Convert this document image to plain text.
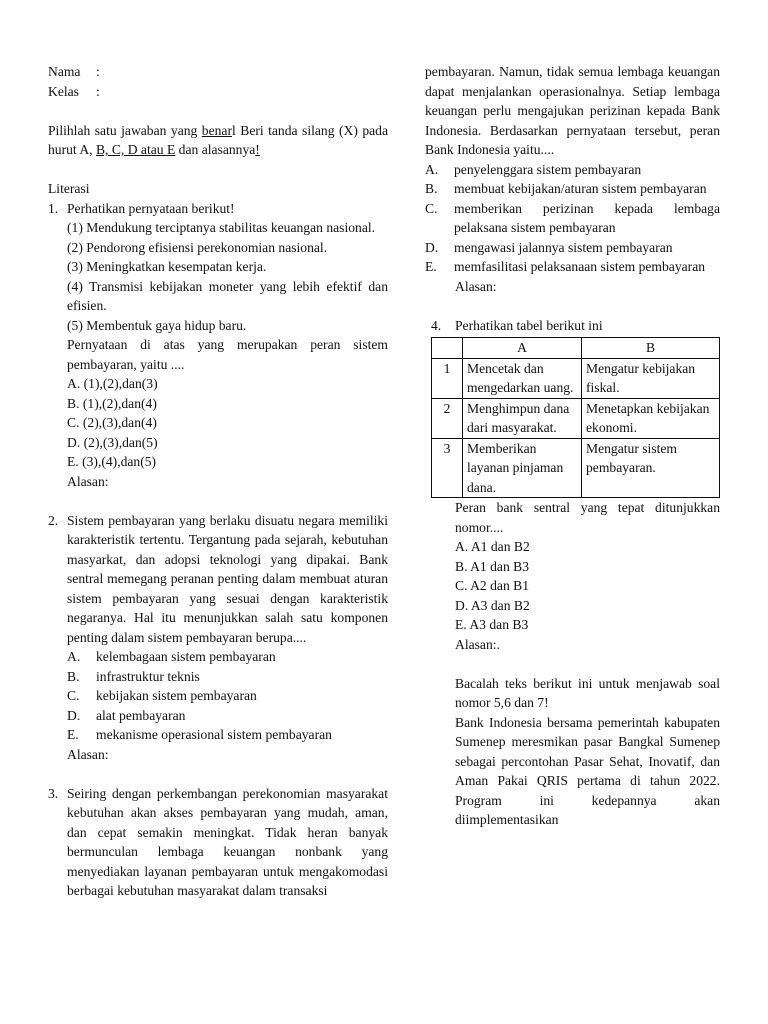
Nama	:
Kelas	:
Pilihlah satu jawaban yang benarl Beri tanda silang (X) pada hurut A, B, C, D atau E dan alasannya!
Literasi
1. Perhatikan pernyataan berikut!
(1) Mendukung terciptanya stabilitas keuangan nasional.
(2) Pendorong efisiensi perekonomian nasional.
(3) Meningkatkan kesempatan kerja.
(4) Transmisi kebijakan moneter yang lebih efektif dan efisien.
(5) Membentuk gaya hidup baru.
Pernyataan di atas yang merupakan peran sistem pembayaran, yaitu ....
A. (1),(2),dan(3)
B. (1),(2),dan(4)
C. (2),(3),dan(4)
D. (2),(3),dan(5)
E. (3),(4),dan(5)
Alasan:
2. Sistem pembayaran yang berlaku disuatu negara memiliki karakteristik tertentu. Tergantung pada sejarah, kebutuhan masyarkat, dan adopsi teknologi yang dipakai. Bank sentral memegang peranan penting dalam membuat aturan sistem pembayaran yang sesuai dengan karakteristik negaranya. Hal itu menunjukkan salah satu komponen penting dalam sistem pembayaran berupa....
A.	kelembagaan sistem pembayaran
B.	infrastruktur teknis
C.	kebijakan sistem pembayaran
D.	alat pembayaran
E.	mekanisme operasional sistem pembayaran
Alasan:
3. Seiring dengan perkembangan perekonomian masyarakat kebutuhan akan akses pembayaran yang mudah, aman, dan cepat semakin meningkat. Tidak heran banyak bermunculan lembaga keuangan nonbank yang menyediakan layanan pembayaran untuk mengakomodasi berbagai kebutuhan masyarakat dalam transaksi
pembayaran. Namun, tidak semua lembaga keuangan dapat menjalankan operasionalnya. Setiap lembaga keuangan perlu mengajukan perizinan kepada Bank Indonesia. Berdasarkan pernyataan tersebut, peran Bank Indonesia yaitu....
A.	penyelenggara sistem pembayaran
B.	membuat kebijakan/aturan sistem pembayaran
C.	memberikan perizinan kepada lembaga pelaksana sistem pembayaran
D.	mengawasi jalannya sistem pembayaran
E.	memfasilitasi pelaksanaan sistem pembayaran
Alasan:
4.	Perhatikan tabel berikut ini
	A	B
1	Mencetak dan mengedarkan uang.	Mengatur kebijakan fiskal.
2	Menghimpun dana dari masyarakat.	Menetapkan kebijakan ekonomi.
3	Memberikan layanan pinjaman dana.	Mengatur sistem pembayaran.
Peran bank sentral yang tepat ditunjukkan nomor....
A. A1 dan B2
B. A1 dan B3
C. A2 dan B1
D. A3 dan B2
E. A3 dan B3
Alasan:.
Bacalah teks berikut ini untuk menjawab soal nomor 5,6 dan 7!
Bank Indonesia bersama pemerintah kabupaten Sumenep meresmikan pasar Bangkal Sumenep sebagai percontohan Pasar Sehat, Inovatif, dan Aman Pakai QRIS pertama di tahun 2022. Program ini kedepannya akan diimplementasikan
